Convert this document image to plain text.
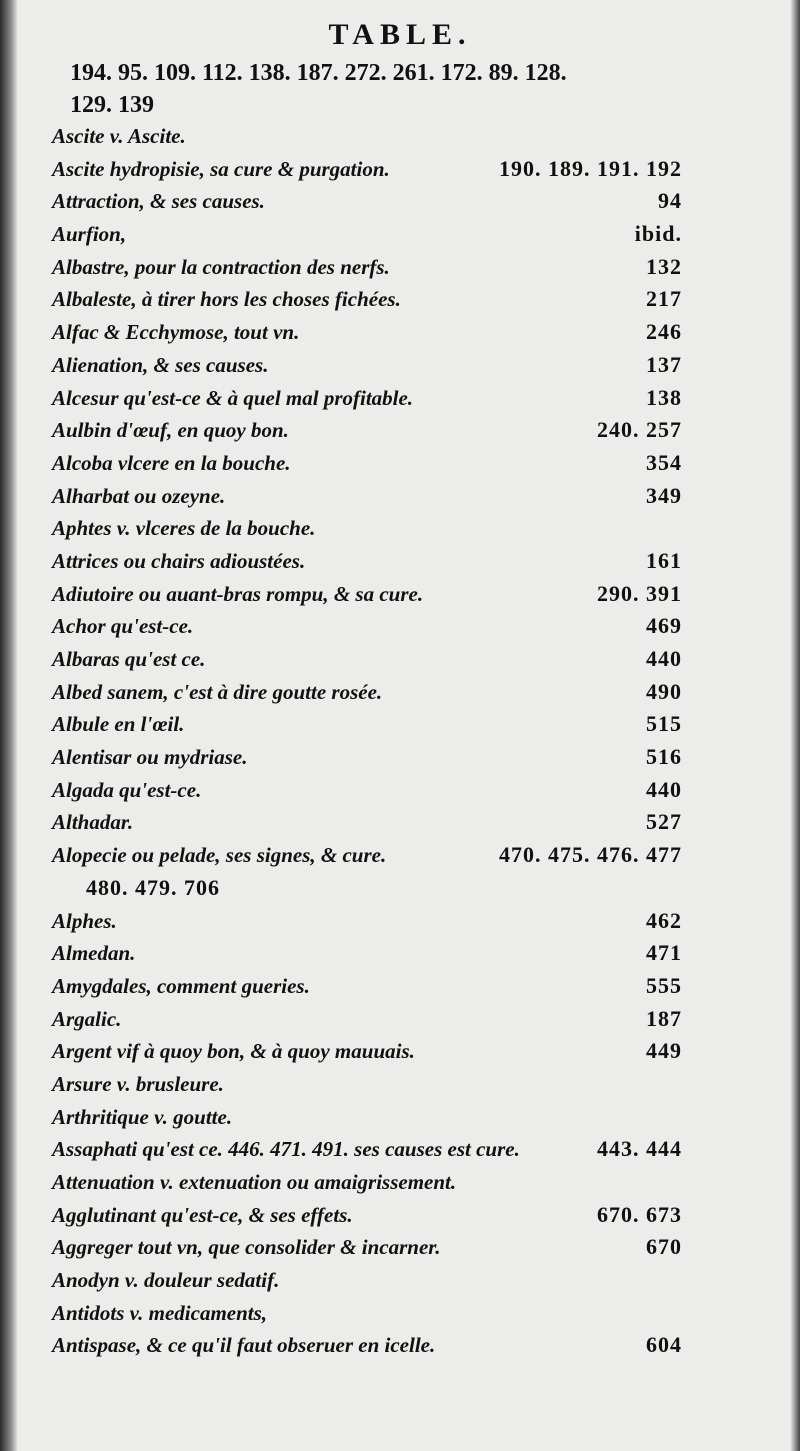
TABLE.
194. 95. 109. 112. 138. 187. 272. 261. 172. 89. 128.
129. 139
Ascite v. Ascite.
Ascite hydropisie, sa cure & purgation.	190. 189. 191. 192
Attraction, & ses causes.	94
Aurfion,	ibid.
Albastre, pour la contraction des nerfs.	132
Albaleste, à tirer hors les choses fichées.	217
Alfac & Ecchymose, tout vn.	246
Alienation, & ses causes.	137
Alcesur qu'est-ce & à quel mal profitable.	138
Aulbin d'œuf, en quoy bon.	240. 257
Alcoba vlcere en la bouche.	354
Alharbat ou ozeyne.	349
Aphtes v. vlceres de la bouche.
Attrices ou chairs adioustées.	161
Adiutoire ou auant-bras rompu, & sa cure.	290. 391
Achor qu'est-ce.	469
Albaras qu'est ce.	440
Albed sanem, c'est à dire goutte rosée.	490
Albule en l'œil.	515
Alentisar ou mydriase.	516
Algada qu'est-ce.	440
Althadar.	527
Alopecie ou pelade, ses signes, & cure.	470. 475. 476. 477
480. 479. 706
Alphes.	462
Almedan.	471
Amygdales, comment gueries.	555
Argalic.	187
Argent vif à quoy bon, & à quoy mauuais.	449
Arsure v. brusleure.
Arthritique v. goutte.
Assaphati qu'est ce. 446. 471. 491. ses causes est cure.	443. 444
Attenuation v. extenuation ou amaigrissement.
Agglutinant qu'est-ce, & ses effets.	670. 673
Aggreger tout vn, que consolider & incarner.	670
Anodyn v. douleur sedatif.
Antidots v. medicaments,
Antispase, & ce qu'il faut obseruer en icelle.	604
